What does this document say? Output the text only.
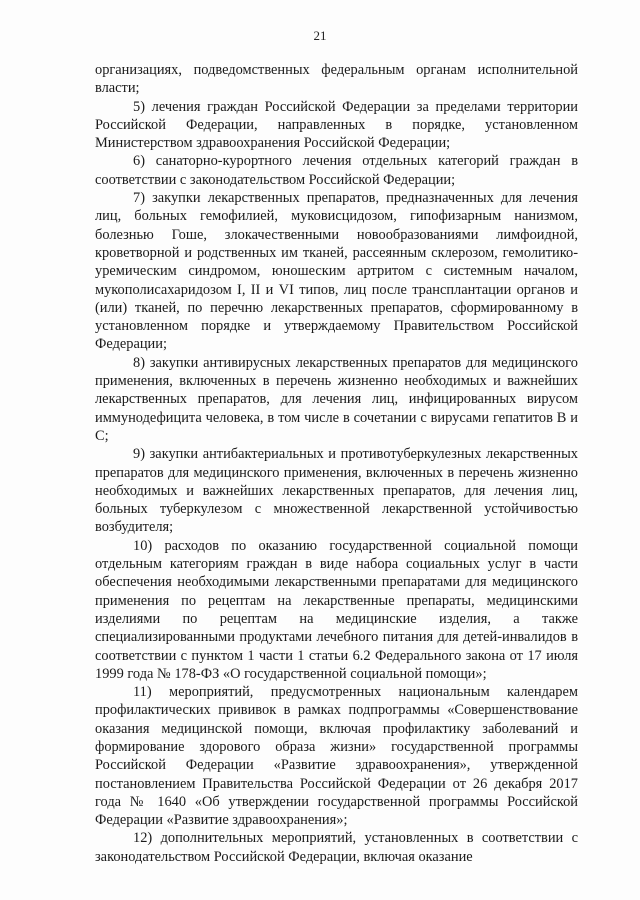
21

организациях, подведомственных федеральным органам исполнительной власти;

5) лечения граждан Российской Федерации за пределами территории Российской Федерации, направленных в порядке, установленном Министерством здравоохранения Российской Федерации;

6) санаторно-курортного лечения отдельных категорий граждан в соответствии с законодательством Российской Федерации;

7) закупки лекарственных препаратов, предназначенных для лечения лиц, больных гемофилией, муковисцидозом, гипофизарным нанизмом, болезнью Гоше, злокачественными новообразованиями лимфоидной, кроветворной и родственных им тканей, рассеянным склерозом, гемолитико-уремическим синдромом, юношеским артритом с системным началом, мукополисахаридозом I, II и VI типов, лиц после трансплантации органов и (или) тканей, по перечню лекарственных препаратов, сформированному в установленном порядке и утверждаемому Правительством Российской Федерации;

8) закупки антивирусных лекарственных препаратов для медицинского применения, включенных в перечень жизненно необходимых и важнейших лекарственных препаратов, для лечения лиц, инфицированных вирусом иммунодефицита человека, в том числе в сочетании с вирусами гепатитов B и C;

9) закупки антибактериальных и противотуберкулезных лекарственных препаратов для медицинского применения, включенных в перечень жизненно необходимых и важнейших лекарственных препаратов, для лечения лиц, больных туберкулезом с множественной лекарственной устойчивостью возбудителя;

10) расходов по оказанию государственной социальной помощи отдельным категориям граждан в виде набора социальных услуг в части обеспечения необходимыми лекарственными препаратами для медицинского применения по рецептам на лекарственные препараты, медицинскими изделиями по рецептам на медицинские изделия, а также специализированными продуктами лечебного питания для детей-инвалидов в соответствии с пунктом 1 части 1 статьи 6.2 Федерального закона от 17 июля 1999 года № 178-ФЗ «О государственной социальной помощи»;

11) мероприятий, предусмотренных национальным календарем профилактических прививок в рамках подпрограммы «Совершенствование оказания медицинской помощи, включая профилактику заболеваний и формирование здорового образа жизни» государственной программы Российской Федерации «Развитие здравоохранения», утвержденной постановлением Правительства Российской Федерации от 26 декабря 2017 года № 1640 «Об утверждении государственной программы Российской Федерации «Развитие здравоохранения»;

12) дополнительных мероприятий, установленных в соответствии с законодательством Российской Федерации, включая оказание
